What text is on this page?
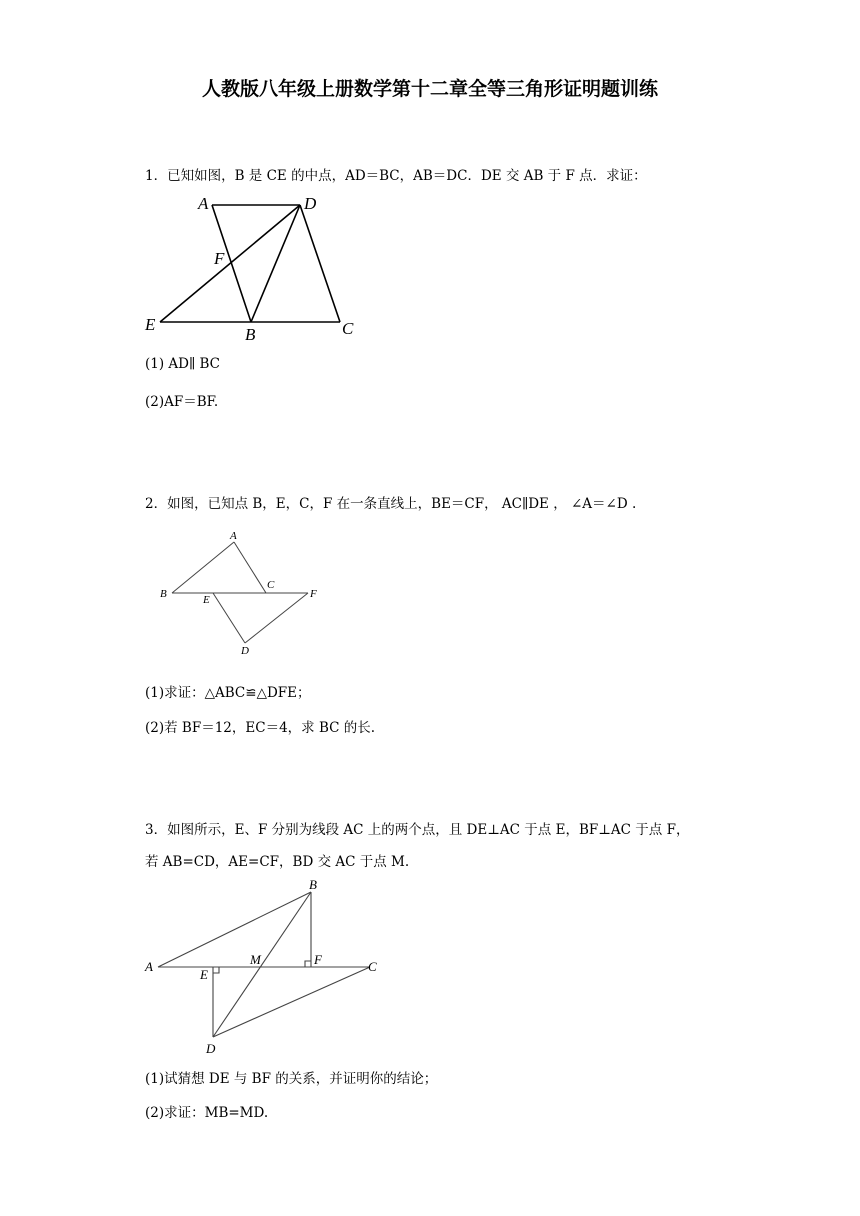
人教版八年级上册数学第十二章全等三角形证明题训练
1．已知如图，B 是 CE 的中点，AD＝BC，AB＝DC．DE 交 AB 于 F 点．求证：
A	D
F
E
B	C
(1) AD∥ BC
(2)AF＝BF.
2．如图，已知点 B，E，C，F 在一条直线上，BE＝CF， AC∥DE ， ∠A＝∠D .
A
B	E
C
F
D
(1)求证：△ABC≌△DFE；
(2)若 BF＝12，EC＝4，求 BC 的长.
3．如图所示，E、F 分别为线段 AC 上的两个点，且 DE⊥AC 于点 E，BF⊥AC 于点 F，
若 AB=CD，AE=CF，BD 交 AC 于点 M.
B
A	M	F	C
E
D
(1)试猜想 DE 与 BF 的关系，并证明你的结论；
(2)求证：MB=MD.
